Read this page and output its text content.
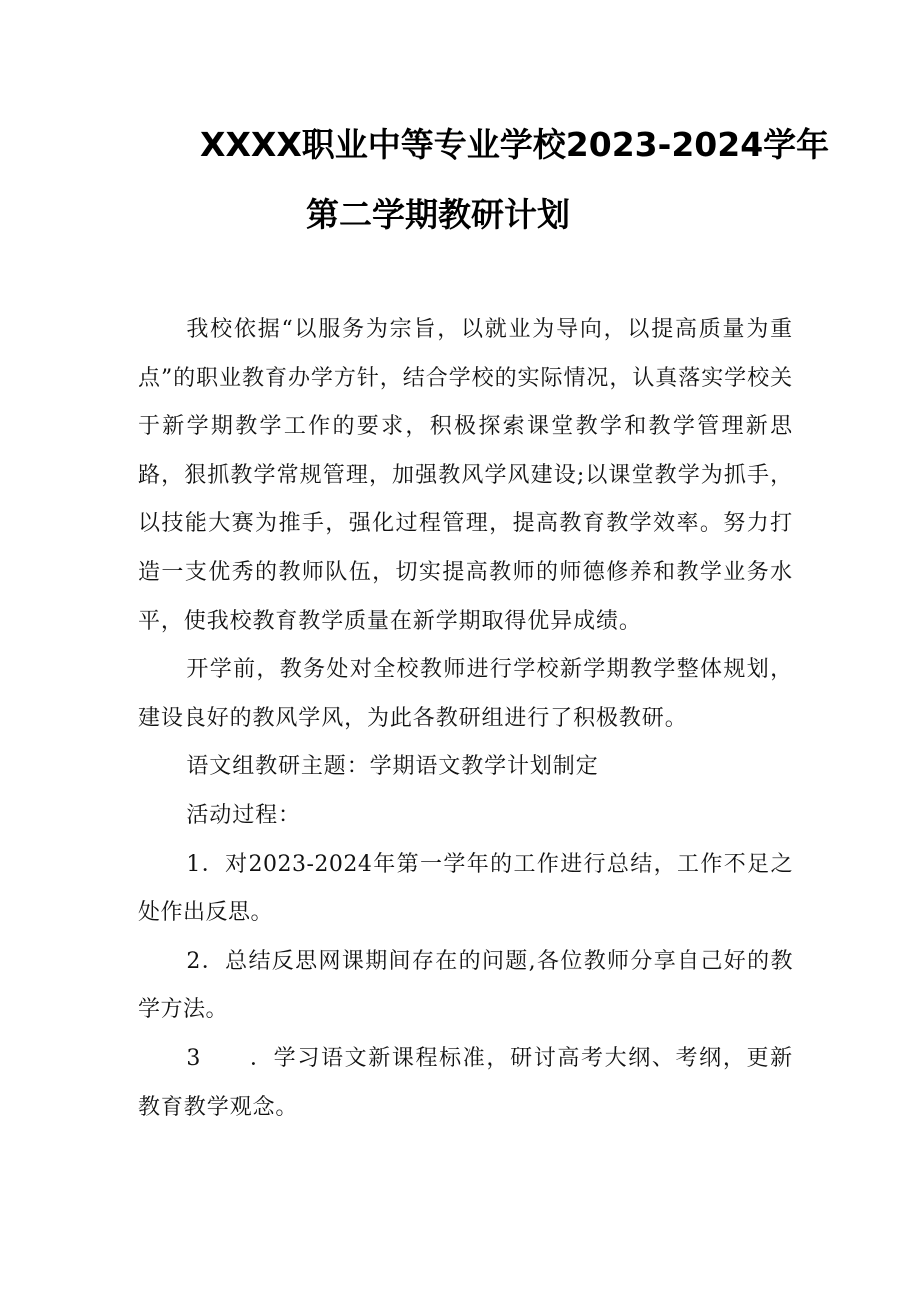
XXXX职业中等专业学校2023-2024学年
第二学期教研计划

我校依据“以服务为宗旨，以就业为导向，以提高质量为重点”的职业教育办学方针，结合学校的实际情况，认真落实学校关于新学期教学工作的要求，积极探索课堂教学和教学管理新思路，狠抓教学常规管理，加强教风学风建设;以课堂教学为抓手，以技能大赛为推手，强化过程管理，提高教育教学效率。努力打造一支优秀的教师队伍，切实提高教师的师德修养和教学业务水平，使我校教育教学质量在新学期取得优异成绩。

开学前，教务处对全校教师进行学校新学期教学整体规划，建设良好的教风学风，为此各教研组进行了积极教研。

语文组教研主题：学期语文教学计划制定

活动过程：

1．对2023-2024年第一学年的工作进行总结，工作不足之处作出反思。

2．总结反思网课期间存在的问题,各位教师分享自己好的教学方法。

3 ．学习语文新课程标准，研讨高考大纲、考纲，更新教育教学观念。
